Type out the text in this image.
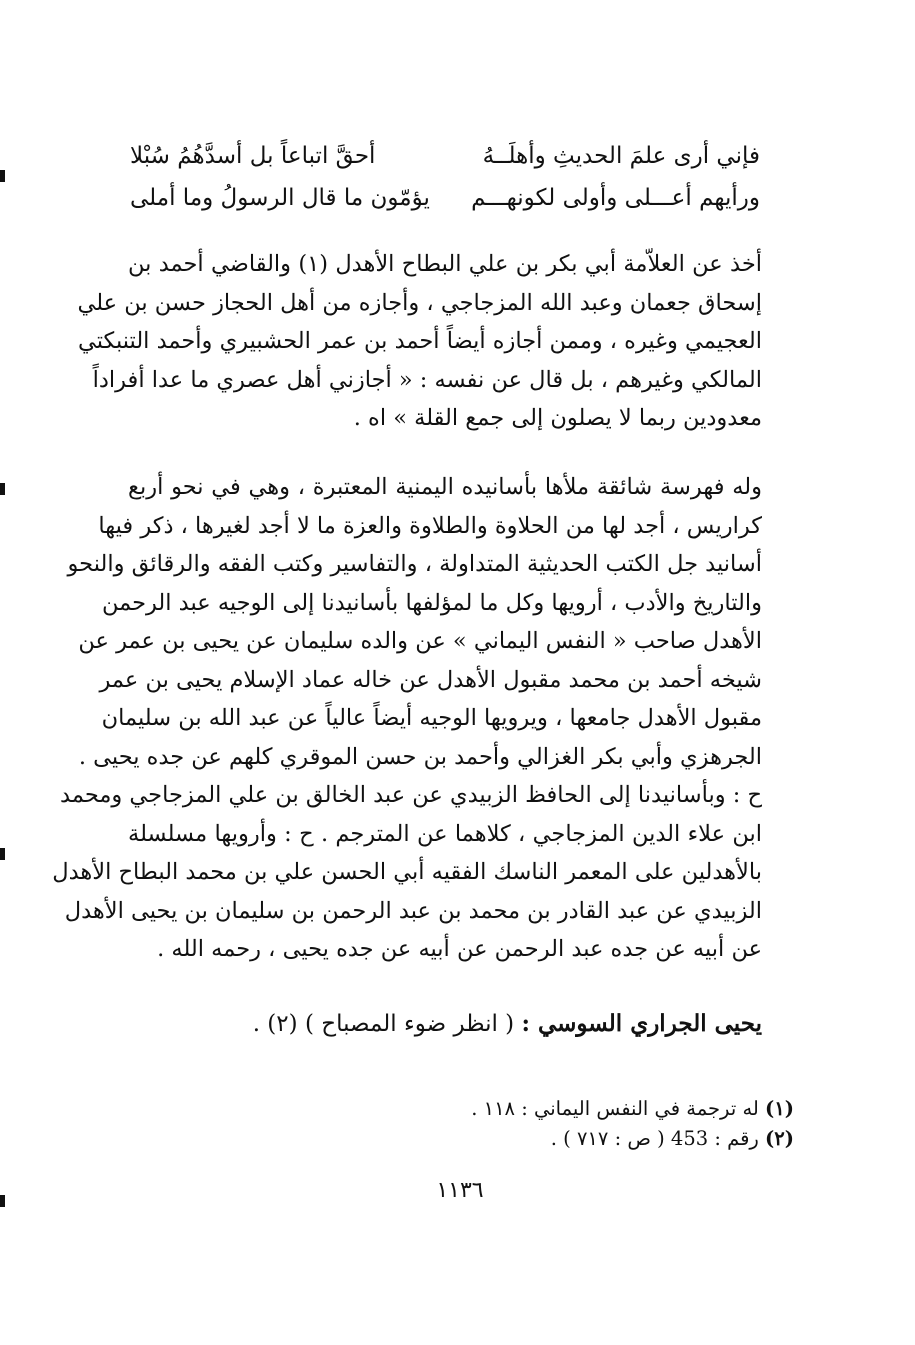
فإني أرى علمَ الحديثِ وأهلَــهُ
أحقَّ اتباعاً بل أسدَّهُمُ سُبْلا
ورأيهم أعـــلى وأولى لكونهـــم
يؤمّون ما قال الرسولُ وما أملى
أخذ عن العلاّمة أبي بكر بن علي البطاح الأهدل (١) والقاضي أحمد بن
إسحاق جعمان وعبد الله المزجاجي ، وأجازه من أهل الحجاز حسن بن علي
العجيمي وغيره ، وممن أجازه أيضاً أحمد بن عمر الحشبيري وأحمد التنبكتي
المالكي وغيرهم ، بل قال عن نفسه : « أجازني أهل عصري ما عدا أفراداً
معدودين ربما لا يصلون إلى جمع القلة » اه .
وله فهرسة شائقة ملأها بأسانيده اليمنية المعتبرة ، وهي في نحو أربع
كراريس ، أجد لها من الحلاوة والطلاوة والعزة ما لا أجد لغيرها ، ذكر فيها
أسانيد جل الكتب الحديثية المتداولة ، والتفاسير وكتب الفقه والرقائق والنحو
والتاريخ والأدب ، أرويها وكل ما لمؤلفها بأسانيدنا إلى الوجيه عبد الرحمن
الأهدل صاحب « النفس اليماني » عن والده سليمان عن يحيى بن عمر عن
شيخه أحمد بن محمد مقبول الأهدل عن خاله عماد الإسلام يحيى بن عمر
مقبول الأهدل جامعها ، ويرويها الوجيه أيضاً عالياً عن عبد الله بن سليمان
الجرهزي وأبي بكر الغزالي وأحمد بن حسن الموقري كلهم عن جده يحيى .
ح : وبأسانيدنا إلى الحافظ الزبيدي عن عبد الخالق بن علي المزجاجي ومحمد
ابن علاء الدين المزجاجي ، كلاهما عن المترجم . ح : وأرويها مسلسلة
بالأهدلين على المعمر الناسك الفقيه أبي الحسن علي بن محمد البطاح الأهدل
الزبيدي عن عبد القادر بن محمد بن عبد الرحمن بن سليمان بن يحيى الأهدل
عن أبيه عن جده عبد الرحمن عن أبيه عن جده يحيى ، رحمه الله .
يحيى الجراري السوسي : ( انظر ضوء المصباح ) (٢) .
(١) له ترجمة في النفس اليماني : ١١٨ .
(٢) رقم : 453 ( ص : ٧١٧ ) .
١١٣٦
